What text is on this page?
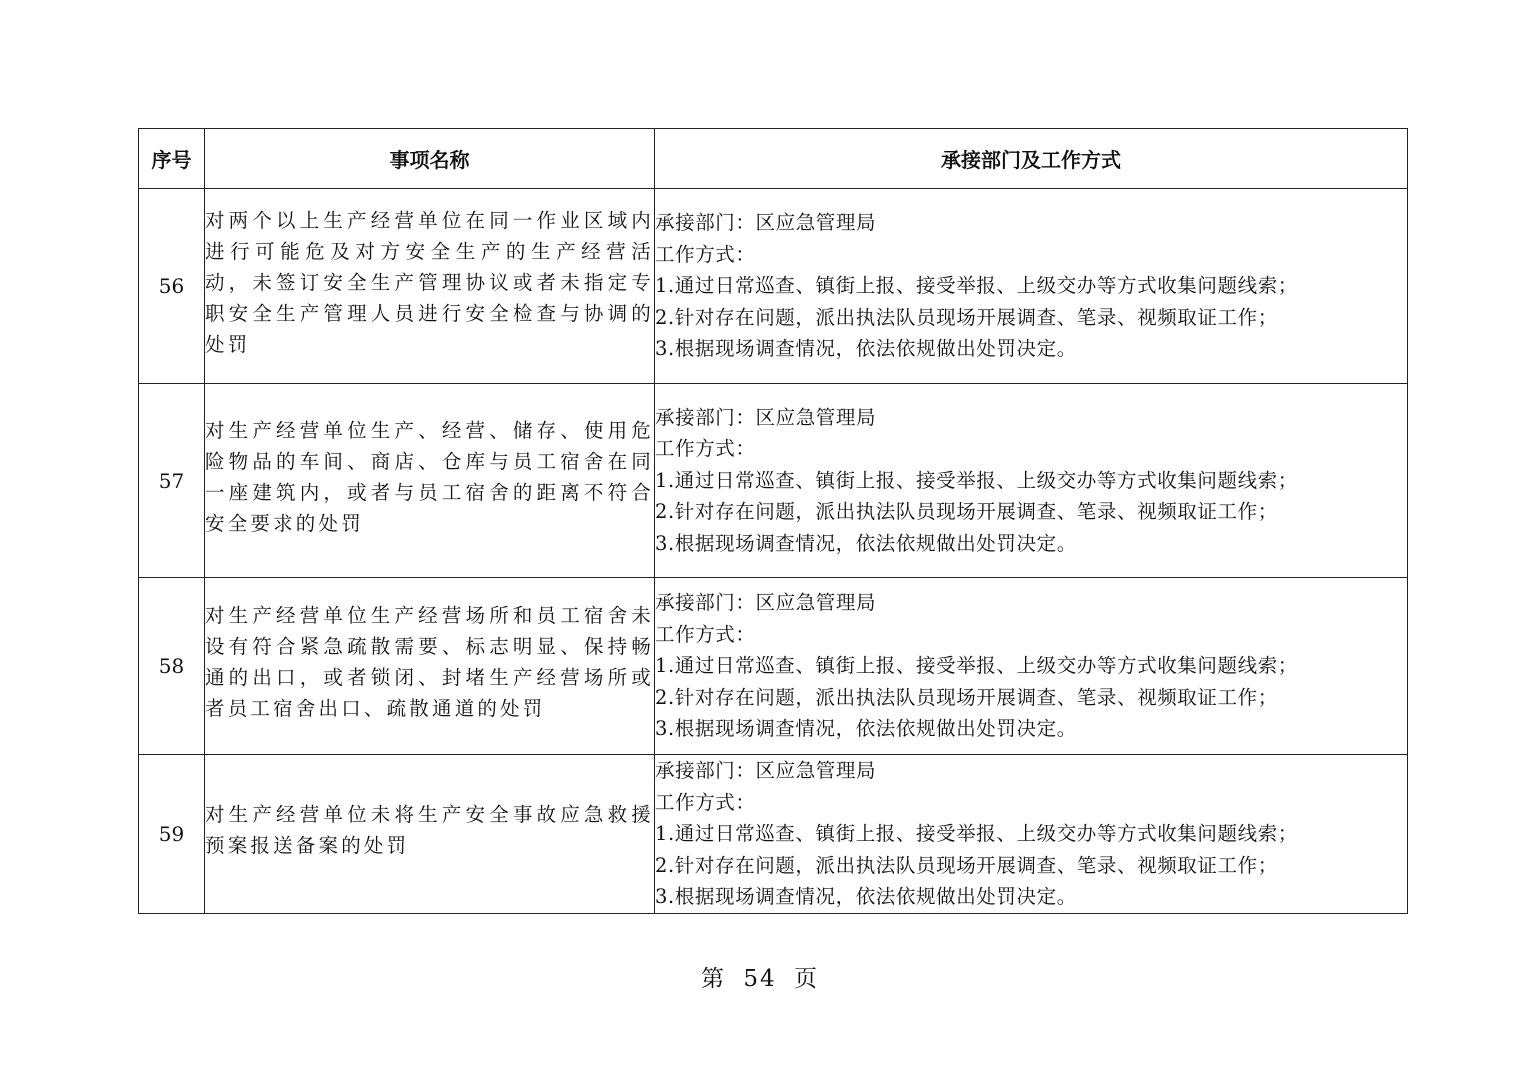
序号	事项名称	承接部门及工作方式
56	对两个以上生产经营单位在同一作业区域内进行可能危及对方安全生产的生产经营活动，未签订安全生产管理协议或者未指定专职安全生产管理人员进行安全检查与协调的处罚	承接部门：区应急管理局
工作方式：
1.通过日常巡查、镇街上报、接受举报、上级交办等方式收集问题线索；
2.针对存在问题，派出执法队员现场开展调查、笔录、视频取证工作；
3.根据现场调查情况，依法依规做出处罚决定。

57	对生产经营单位生产、经营、储存、使用危险物品的车间、商店、仓库与员工宿舍在同一座建筑内，或者与员工宿舍的距离不符合安全要求的处罚	承接部门：区应急管理局
工作方式：
1.通过日常巡查、镇街上报、接受举报、上级交办等方式收集问题线索；
2.针对存在问题，派出执法队员现场开展调查、笔录、视频取证工作；
3.根据现场调查情况，依法依规做出处罚决定。

58	对生产经营单位生产经营场所和员工宿舍未设有符合紧急疏散需要、标志明显、保持畅通的出口，或者锁闭、封堵生产经营场所或者员工宿舍出口、疏散通道的处罚	承接部门：区应急管理局
工作方式：
1.通过日常巡查、镇街上报、接受举报、上级交办等方式收集问题线索；
2.针对存在问题，派出执法队员现场开展调查、笔录、视频取证工作；
3.根据现场调查情况，依法依规做出处罚决定。

59	对生产经营单位未将生产安全事故应急救援预案报送备案的处罚	承接部门：区应急管理局
工作方式：
1.通过日常巡查、镇街上报、接受举报、上级交办等方式收集问题线索；
2.针对存在问题，派出执法队员现场开展调查、笔录、视频取证工作；
3.根据现场调查情况，依法依规做出处罚决定。
第 54 页
